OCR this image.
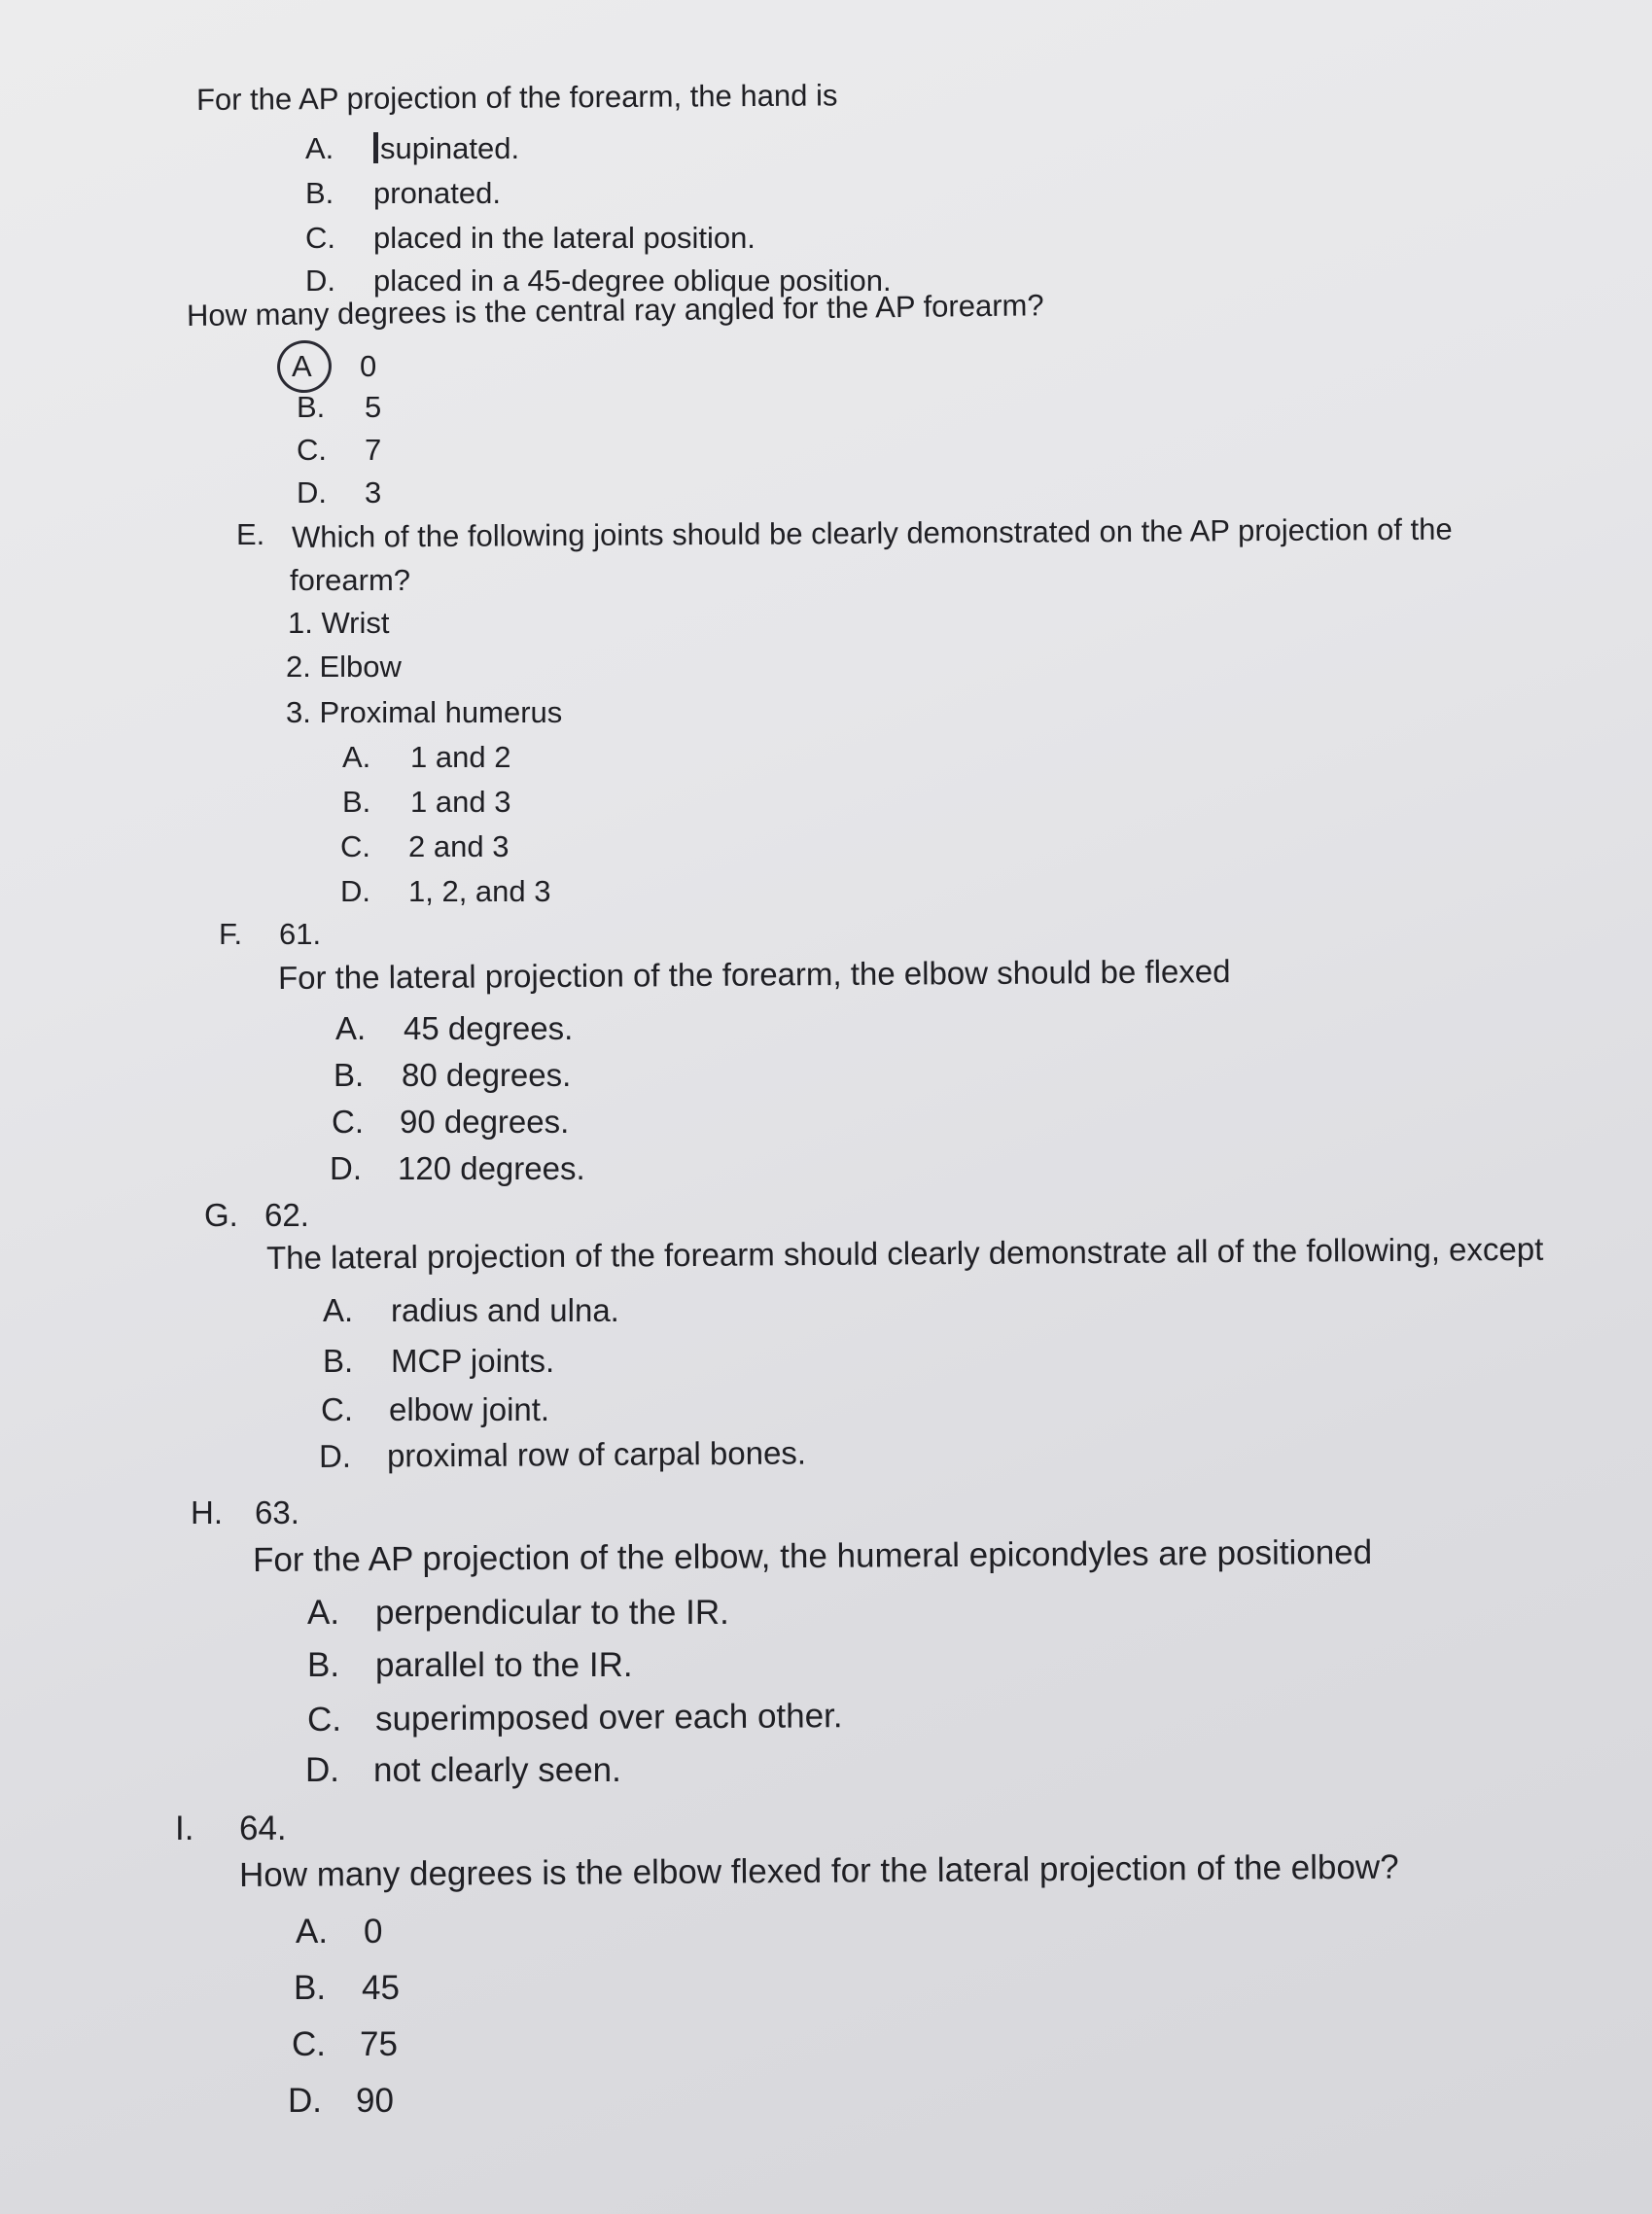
For the AP projection of the forearm, the hand is
A. supinated.
B. pronated.
C. placed in the lateral position.
D. placed in a 45-degree oblique position.
How many degrees is the central ray angled for the AP forearm?
A 0
B. 5
C. 7
D. 3
E. Which of the following joints should be clearly demonstrated on the AP projection of the
forearm?
1. Wrist
2. Elbow
3. Proximal humerus
A. 1 and 2
B. 1 and 3
C. 2 and 3
D. 1, 2, and 3
F. 61.
For the lateral projection of the forearm, the elbow should be flexed
A. 45 degrees.
B. 80 degrees.
C. 90 degrees.
D. 120 degrees.
G. 62.
The lateral projection of the forearm should clearly demonstrate all of the following, except
A. radius and ulna.
B. MCP joints.
C. elbow joint.
D. proximal row of carpal bones.
H. 63.
For the AP projection of the elbow, the humeral epicondyles are positioned
A. perpendicular to the IR.
B. parallel to the IR.
C. superimposed over each other.
D. not clearly seen.
I. 64.
How many degrees is the elbow flexed for the lateral projection of the elbow?
A. 0
B. 45
C. 75
D. 90
